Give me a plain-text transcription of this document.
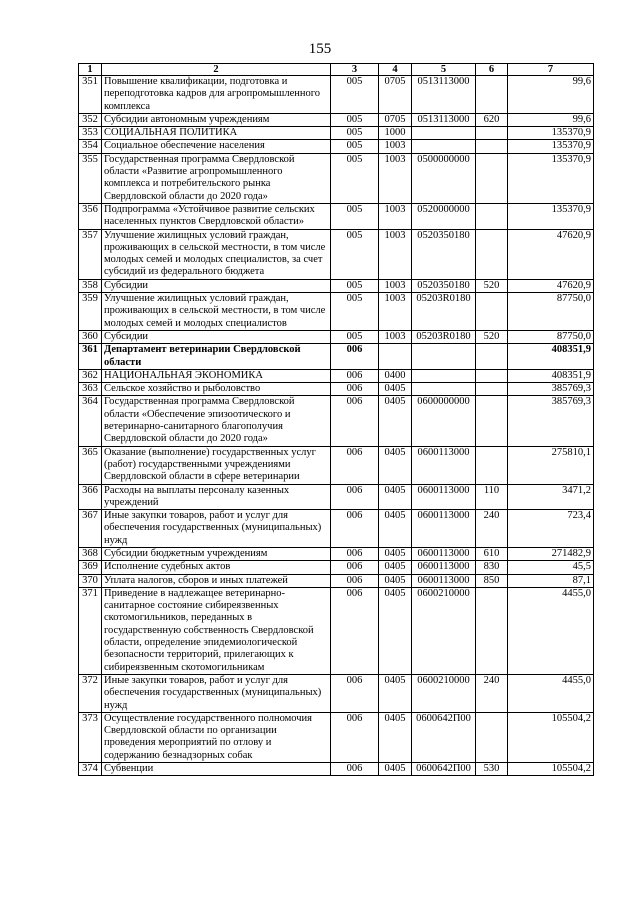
155
1	2	3	4	5	6	7
351	Повышение квалификации, подготовка и переподготовка кадров для агропромышленного комплекса	005	0705	0513113000		99,6
352	Субсидии автономным учреждениям	005	0705	0513113000	620	99,6
353	СОЦИАЛЬНАЯ ПОЛИТИКА	005	1000			135370,9
354	Социальное обеспечение населения	005	1003			135370,9
355	Государственная программа Свердловской области «Развитие агропромышленного комплекса и потребительского рынка Свердловской области до 2020 года»	005	1003	0500000000		135370,9
356	Подпрограмма «Устойчивое развитие сельских населенных пунктов Свердловской области»	005	1003	0520000000		135370,9
357	Улучшение жилищных условий граждан, проживающих в сельской местности, в том числе молодых семей и молодых специалистов, за счет субсидий из федерального бюджета	005	1003	0520350180		47620,9
358	Субсидии	005	1003	0520350180	520	47620,9
359	Улучшение жилищных условий граждан, проживающих в сельской местности, в том числе молодых семей и молодых специалистов	005	1003	05203R0180		87750,0
360	Субсидии	005	1003	05203R0180	520	87750,0
361	Департамент ветеринарии Свердловской области	006				408351,9
362	НАЦИОНАЛЬНАЯ ЭКОНОМИКА	006	0400			408351,9
363	Сельское хозяйство и рыболовство	006	0405			385769,3
364	Государственная программа Свердловской области «Обеспечение эпизоотического и ветеринарно-санитарного благополучия Свердловской области до 2020 года»	006	0405	0600000000		385769,3
365	Оказание (выполнение) государственных услуг (работ) государственными учреждениями Свердловской области в сфере ветеринарии	006	0405	0600113000		275810,1
366	Расходы на выплаты персоналу казенных учреждений	006	0405	0600113000	110	3471,2
367	Иные закупки товаров, работ и услуг для обеспечения государственных (муниципальных) нужд	006	0405	0600113000	240	723,4
368	Субсидии бюджетным учреждениям	006	0405	0600113000	610	271482,9
369	Исполнение судебных актов	006	0405	0600113000	830	45,5
370	Уплата налогов, сборов и иных платежей	006	0405	0600113000	850	87,1
371	Приведение в надлежащее ветеринарно-санитарное состояние сибиреязвенных скотомогильников, переданных в государственную собственность Свердловской области, определение эпидемиологической безопасности территорий, прилегающих к сибиреязвенным скотомогильникам	006	0405	0600210000		4455,0
372	Иные закупки товаров, работ и услуг для обеспечения государственных (муниципальных) нужд	006	0405	0600210000	240	4455,0
373	Осуществление государственного полномочия Свердловской области по организации проведения мероприятий по отлову и содержанию безнадзорных собак	006	0405	0600642П00		105504,2
374	Субвенции	006	0405	0600642П00	530	105504,2
